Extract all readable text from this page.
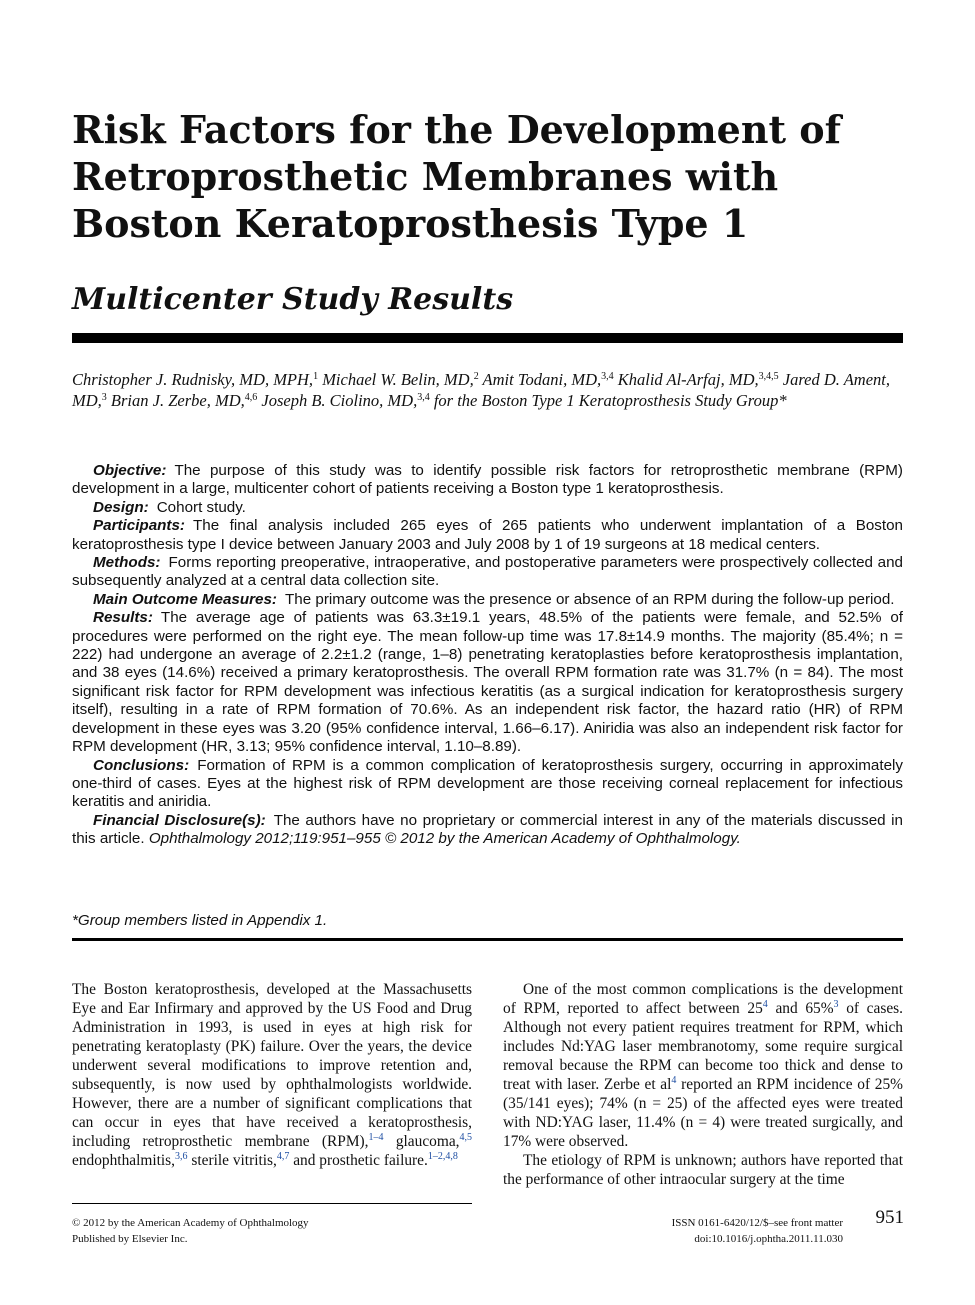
Risk Factors for the Development of Retroprosthetic Membranes with Boston Keratoprosthesis Type 1
Multicenter Study Results
Christopher J. Rudnisky, MD, MPH,$^1$ Michael W. Belin, MD,$^2$ Amit Todani, MD,$^{3,4}$ Khalid Al-Arfaj, MD,$^{3,4,5}$ Jared D. Ament, MD,$^3$ Brian J. Zerbe, MD,$^{4,6}$ Joseph B. Ciolino, MD,$^{3,4}$ for the Boston Type 1 Keratoprosthesis Study Group*

Objective: The purpose of this study was to identify possible risk factors for retroprosthetic membrane (RPM) development in a large, multicenter cohort of patients receiving a Boston type 1 keratoprosthesis.

Design: Cohort study.

Participants: The final analysis included 265 eyes of 265 patients who underwent implantation of a Boston keratoprosthesis type I device between January 2003 and July 2008 by 1 of 19 surgeons at 18 medical centers.

Methods: Forms reporting preoperative, intraoperative, and postoperative parameters were prospectively collected and subsequently analyzed at a central data collection site.

Main Outcome Measures: The primary outcome was the presence or absence of an RPM during the follow-up period.

Results: The average age of patients was 63.3±19.1 years, 48.5% of the patients were female, and 52.5% of procedures were performed on the right eye. The mean follow-up time was 17.8±14.9 months. The majority (85.4%; n = 222) had undergone an average of 2.2±1.2 (range, 1–8) penetrating keratoplasties before keratoprosthesis implantation, and 38 eyes (14.6%) received a primary keratoprosthesis. The overall RPM formation rate was 31.7% (n = 84). The most significant risk factor for RPM development was infectious keratitis (as a surgical indication for keratoprosthesis surgery itself), resulting in a rate of RPM formation of 70.6%. As an independent risk factor, the hazard ratio (HR) of RPM development in these eyes was 3.20 (95% confidence interval, 1.66–6.17). Aniridia was also an independent risk factor for RPM development (HR, 3.13; 95% confidence interval, 1.10–8.89).

Conclusions: Formation of RPM is a common complication of keratoprosthesis surgery, occurring in approximately one-third of cases. Eyes at the highest risk of RPM development are those receiving corneal replacement for infectious keratitis and aniridia.

Financial Disclosure(s): The authors have no proprietary or commercial interest in any of the materials discussed in this article. Ophthalmology 2012;119:951–955 © 2012 by the American Academy of Ophthalmology.

*Group members listed in Appendix 1.

The Boston keratoprosthesis, developed at the Massachusetts Eye and Ear Infirmary and approved by the US Food and Drug Administration in 1993, is used in eyes at high risk for penetrating keratoplasty (PK) failure. Over the years, the device underwent several modifications to improve retention and, subsequently, is now used by ophthalmologists worldwide. However, there are a number of significant complications that can occur in eyes that have received a keratoprosthesis, including retroprosthetic membrane (RPM),$^{1-4}$ glaucoma,$^{4,5}$ endophthalmitis,$^{3,6}$ sterile vitritis,$^{4,7}$ and prosthetic failure.$^{1-2,4,8}$

One of the most common complications is the development of RPM, reported to affect between 25$^4$ and 65%$^3$ of cases. Although not every patient requires treatment for RPM, which includes Nd:YAG laser membranotomy, some require surgical removal because the RPM can become too thick and dense to treat with laser. Zerbe et al$^4$ reported an RPM incidence of 25% (35/141 eyes); 74% (n = 25) of the affected eyes were treated with ND:YAG laser, 11.4% (n = 4) were treated surgically, and 17% were observed.

The etiology of RPM is unknown; authors have reported that the performance of other intraocular surgery at the time

© 2012 by the American Academy of Ophthalmology
Published by Elsevier Inc.
ISSN 0161-6420/12/$–see front matter
doi:10.1016/j.ophtha.2011.11.030
951
